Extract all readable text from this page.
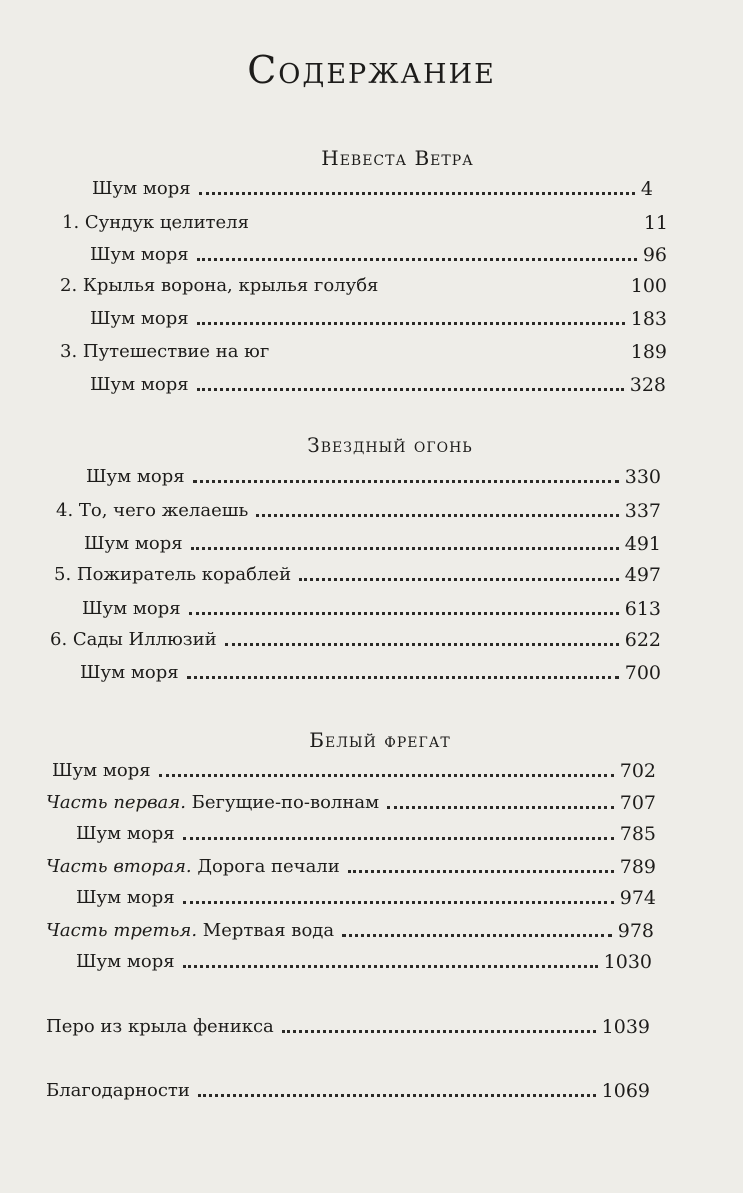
Содержание
Невеста Ветра
Шум моря	4
1. Сундук целителя	11
Шум моря	96
2. Крылья ворона, крылья голубя	100
Шум моря	183
3. Путешествие на юг	189
Шум моря	328
Звездный огонь
Шум моря	330
4. То, чего желаешь	337
Шум моря	491
5. Пожиратель кораблей	497
Шум моря	613
6. Сады Иллюзий	622
Шум моря	700
Белый фрегат
Шум моря	702
Часть первая. Бегущие-по-волнам	707
Шум моря	785
Часть вторая. Дорога печали	789
Шум моря	974
Часть третья. Мертвая вода	978
Шум моря	1030
Перо из крыла феникса	1039
Благодарности	1069
